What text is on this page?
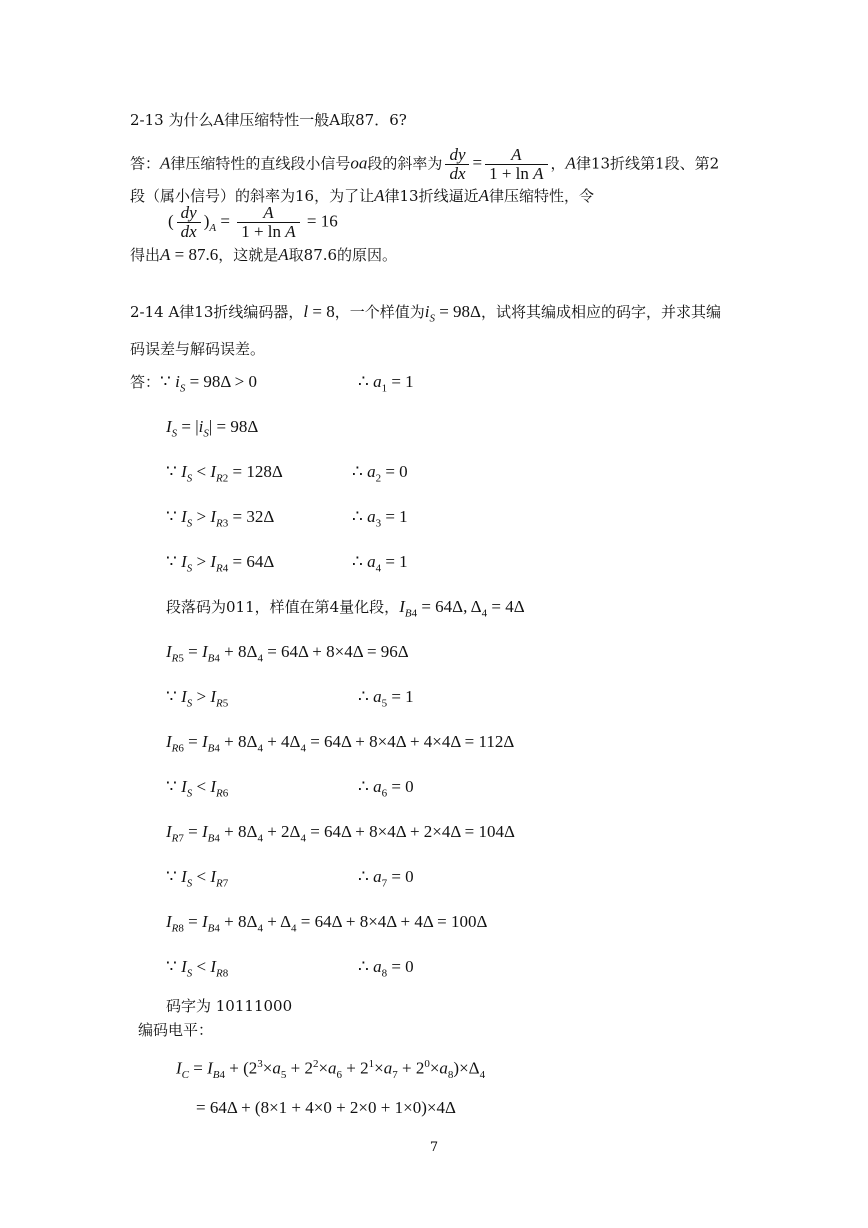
2-13 为什么A律压缩特性一般A取87．6?
答：A律压缩特性的直线段小信号oa段的斜率为 $\frac{dy}{dx} = \frac{A}{\text{1 + ln A}}$ ，A律13折线第1段、第2
段（属小信号）的斜率为16，为了让A律13折线逼近A律压缩特性，令
( $\frac{dy}{dx} )_A = \frac{A}{\text{1 + ln A}} = 16$
得出A = 87.6，这就是A取87.6的原因。
2-14 A律13折线编码器，l = 8，一个样值为$i_S = 98\Delta$，试将其编成相应的码字，并求其编
码误差与解码误差。
答：∵ $i_S = 98\Delta > 0$	∴ $a_1 = 1$
$I_S = |i_S| = 98\Delta$
∵ $I_S < I_{R2} = 128\Delta$	∴ $a_2 = 0$
∵ $I_S > I_{R3} = 32\Delta$	∴ $a_3 = 1$
∵ $I_S > I_{R4} = 64\Delta$	∴ $a_4 = 1$
段落码为011，样值在第4量化段，$I_{B4} = 64\Delta$, $\Delta_4 = 4\Delta$
$I_{R5} = I_{B4} + 8\Delta_4 = 64\Delta + 8\times 4\Delta = 96\Delta$
∵ $I_S > I_{R5}$	∴ $a_5 = 1$
$I_{R6} = I_{B4} + 8\Delta_4 + 4\Delta_4 = 64\Delta + 8\times 4\Delta + 4\times 4\Delta = 112\Delta$
∵ $I_S < I_{R6}$	∴ $a_6 = 0$
$I_{R7} = I_{B4} + 8\Delta_4 + 2\Delta_4 = 64\Delta + 8\times 4\Delta + 2\times 4\Delta = 104\Delta$
∵ $I_S < I_{R7}$	∴ $a_7 = 0$
$I_{R8} = I_{B4} + 8\Delta_4 + \Delta_4 = 64\Delta + 8\times 4\Delta + 4\Delta = 100\Delta$
∵ $I_S < I_{R8}$	∴ $a_8 = 0$
码字为 10111000
编码电平：
$I_C = I_{B4} + (2^3\times a_5 + 2^2\times a_6 + 2^1\times a_7 + 2^0\times a_8)\times\Delta_4$
= 64Δ + (8×1 + 4×0 + 2×0 + 1×0)×4Δ
7
